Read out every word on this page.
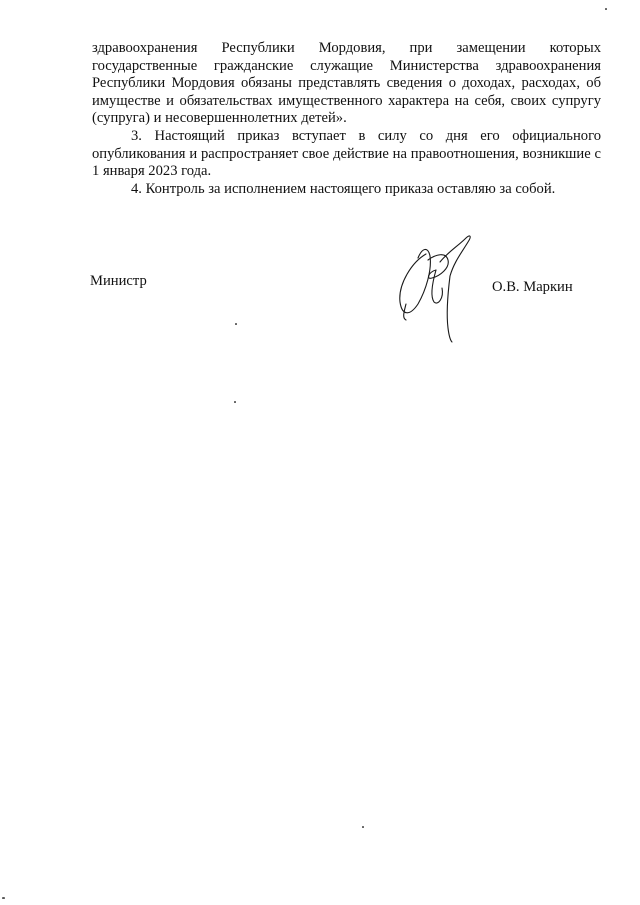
здравоохранения Республики Мордовия, при замещении которых государственные гражданские служащие Министерства здравоохранения Республики Мордовия обязаны представлять сведения о доходах, расходах, об имуществе и обязательствах имущественного характера на себя, своих супругу (супруга) и несовершеннолетних детей».

3. Настоящий приказ вступает в силу со дня его официального опубликования и распространяет свое действие на правоотношения, возникшие с 1 января 2023 года.

4. Контроль за исполнением настоящего приказа оставляю за собой.

Министр	О.В. Маркин
